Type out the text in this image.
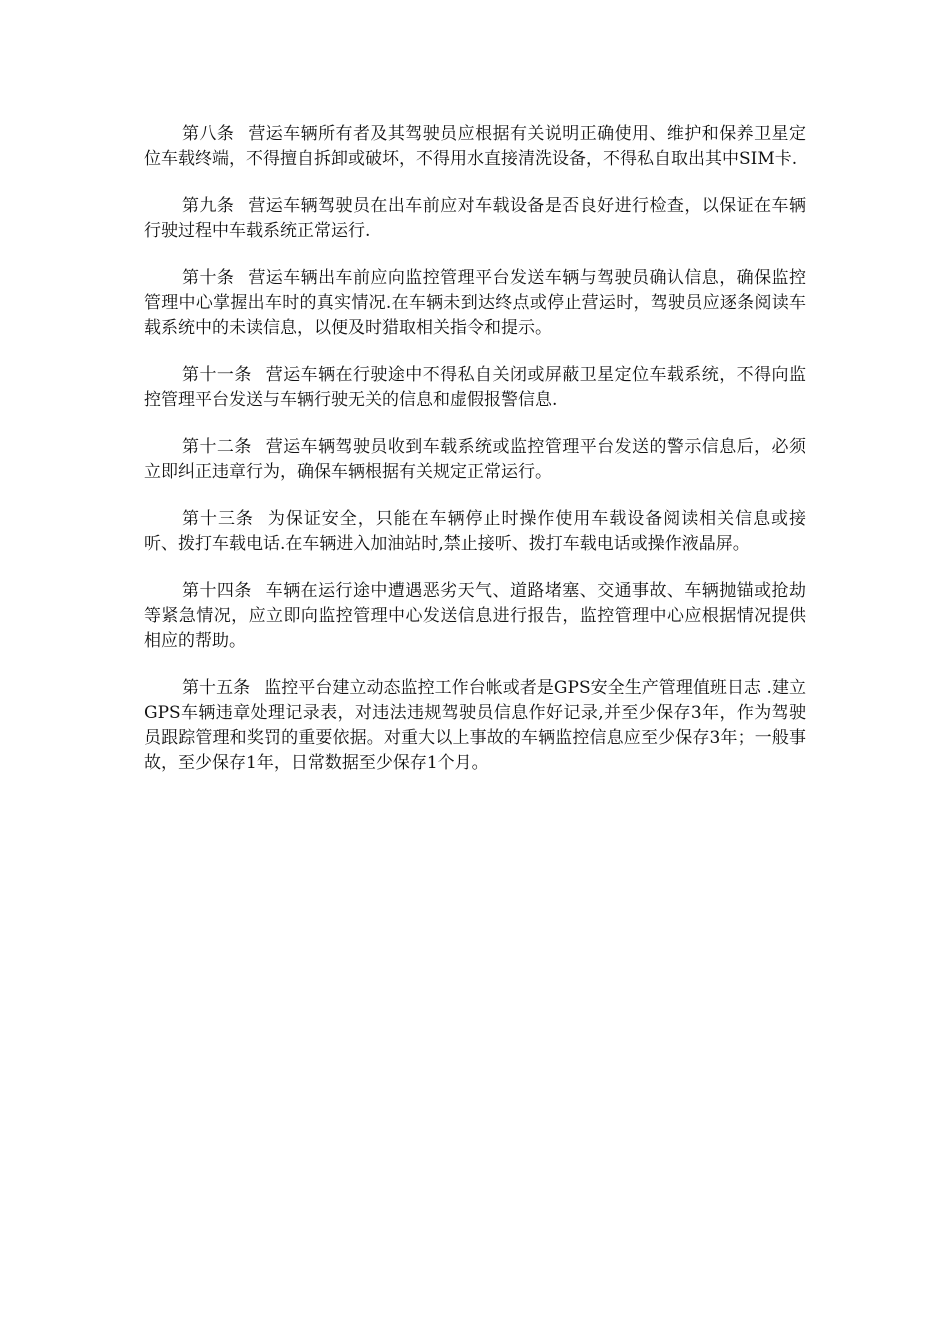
第八条 营运车辆所有者及其驾驶员应根据有关说明正确使用、维护和保养卫星定位车载终端，不得擅自拆卸或破坏，不得用水直接清洗设备，不得私自取出其中SIM卡.

第九条 营运车辆驾驶员在出车前应对车载设备是否良好进行检查，以保证在车辆行驶过程中车载系统正常运行.

第十条 营运车辆出车前应向监控管理平台发送车辆与驾驶员确认信息，确保监控管理中心掌握出车时的真实情况.在车辆未到达终点或停止营运时，驾驶员应逐条阅读车载系统中的未读信息，以便及时猎取相关指令和提示。

第十一条 营运车辆在行驶途中不得私自关闭或屏蔽卫星定位车载系统，不得向监控管理平台发送与车辆行驶无关的信息和虚假报警信息.

第十二条 营运车辆驾驶员收到车载系统或监控管理平台发送的警示信息后，必须立即纠正违章行为，确保车辆根据有关规定正常运行。

第十三条 为保证安全，只能在车辆停止时操作使用车载设备阅读相关信息或接听、拨打车载电话.在车辆进入加油站时,禁止接听、拨打车载电话或操作液晶屏。

第十四条 车辆在运行途中遭遇恶劣天气、道路堵塞、交通事故、车辆抛锚或抢劫等紧急情况，应立即向监控管理中心发送信息进行报告，监控管理中心应根据情况提供相应的帮助。

第十五条 监控平台建立动态监控工作台帐或者是GPS安全生产管理值班日志 .建立GPS车辆违章处理记录表，对违法违规驾驶员信息作好记录,并至少保存3年，作为驾驶员跟踪管理和奖罚的重要依据。对重大以上事故的车辆监控信息应至少保存3年；一般事故，至少保存1年，日常数据至少保存1个月。
